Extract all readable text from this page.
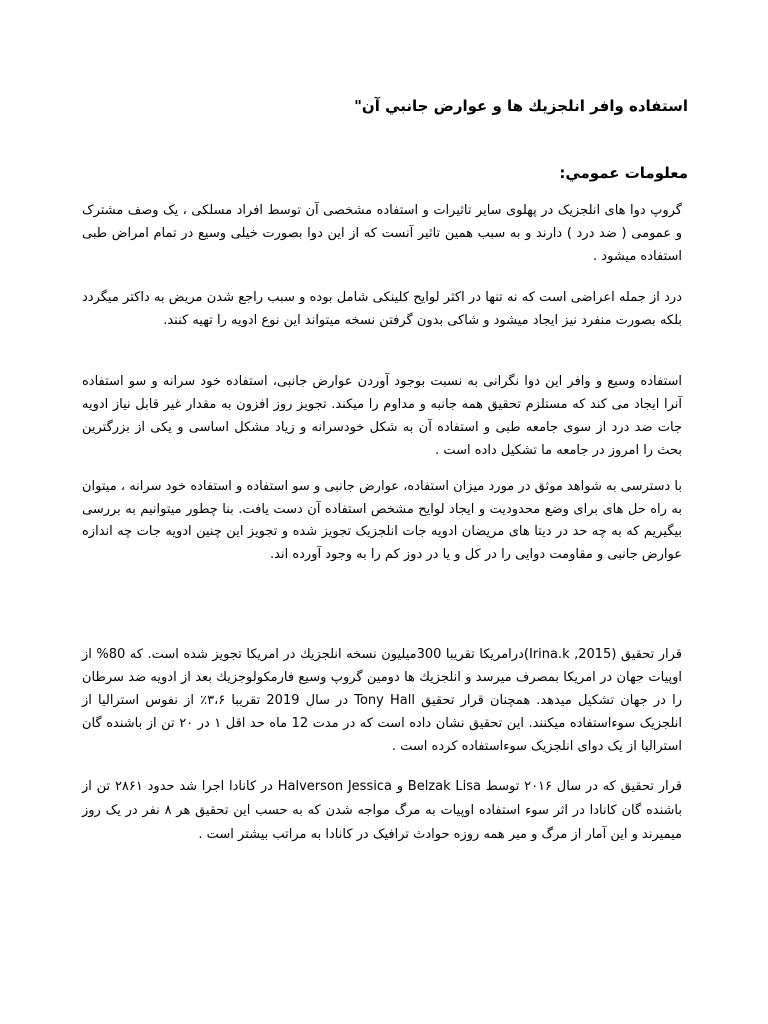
استفاده وافر انلجزيك ها و عوارض جانبي آن"
معلومات عمومي:

گروپ دوا های انلجزیک در پهلوی سایر تاثیرات و استفاده مشخصی آن توسط افراد مسلکی ، یک وصف مشترک و عمومی ( ضد درد ) دارند و به سبب همین تاثیر آنست که از این دوا بصورت خیلی وسیع در تمام امراض طبی استفاده میشود .

درد از جمله اعراضی است که نه تنها در اکثر لوایح کلینکی شامل بوده و سبب راجع شدن مریض به داکتر میگردد بلکه بصورت منفرد نیز ایجاد میشود و شاکی بدون گرفتن نسخه میتواند این نوع ادویه را تهیه کنند.

استفاده وسیع و وافر این دوا نگرانی به نسبت بوجود آوردن عوارض جانبی، استفاده خود سرانه و سو استفاده آنرا ایجاد می کند که مستلزم تحقیق همه جانبه و مداوم را میکند. تجویز روز افزون به مقدار غیر قابل نیاز ادویه جات ضد درد از سوی جامعه طبی و استفاده آن به شکل خودسرانه و زیاد مشکل اساسی و یکی از بزرگترین بحث را امروز در جامعه ما تشکیل داده است .

با دسترسی به شواهد موثق در مورد میزان استفاده، عوارض جانبی و سو استفاده و استفاده خود سرانه ، میتوان به راه حل های برای وضع محدودیت و ایجاد لوایح مشخص استفاده آن دست یافت. بنا چطور میتوانیم به بررسی بیگیریم که به چه حد در دیتا های مریضان ادویه جات انلجزیک تجویز شده و تجویز این چنین ادویه جات چه اندازه عوارض جانبی و مقاومت دوایی را در کل و یا در دوز کم را به وجود آورده اند.

قرار تحقیق (Irina.k ,2015)درامریکا تقریبا 300میلیون نسخه انلجزیك در امریکا تجویز شده است. که 80% از اوپیات جهان در امریکا بمصرف میرسد و انلجزیك ها دومین گروپ وسیع فارمکولوجزیك بعد از ادویه ضد سرطان را در جهان تشکیل میدهد. همچنان قرار تحقیق Tony Hall در سال 2019 تقریبا ۳،۶٪ از نفوس استرالیا از انلجزیک سوءاستفاده میکنند. این تحقیق نشان داده است که در مدت 12 ماه حد اقل ۱ در ۲۰ تن از باشنده گان استرالیا از یک دوای انلجزیک سوءاستفاده کرده است .

قرار تحقیق که در سال ۲۰۱۶ توسط Belzak Lisa و Halverson Jessica در کانادا اجرا شد حدود ۲۸۶۱ تن از باشنده گان کانادا در اثر سوء استفاده اوپیات به مرگ مواجه شدن که به حسب این تحقیق هر ۸ نفر در یک روز میمیرند و این آمار از مرگ و میر همه روزه حوادث ترافیک در کانادا به مراتب بیشتر است .
